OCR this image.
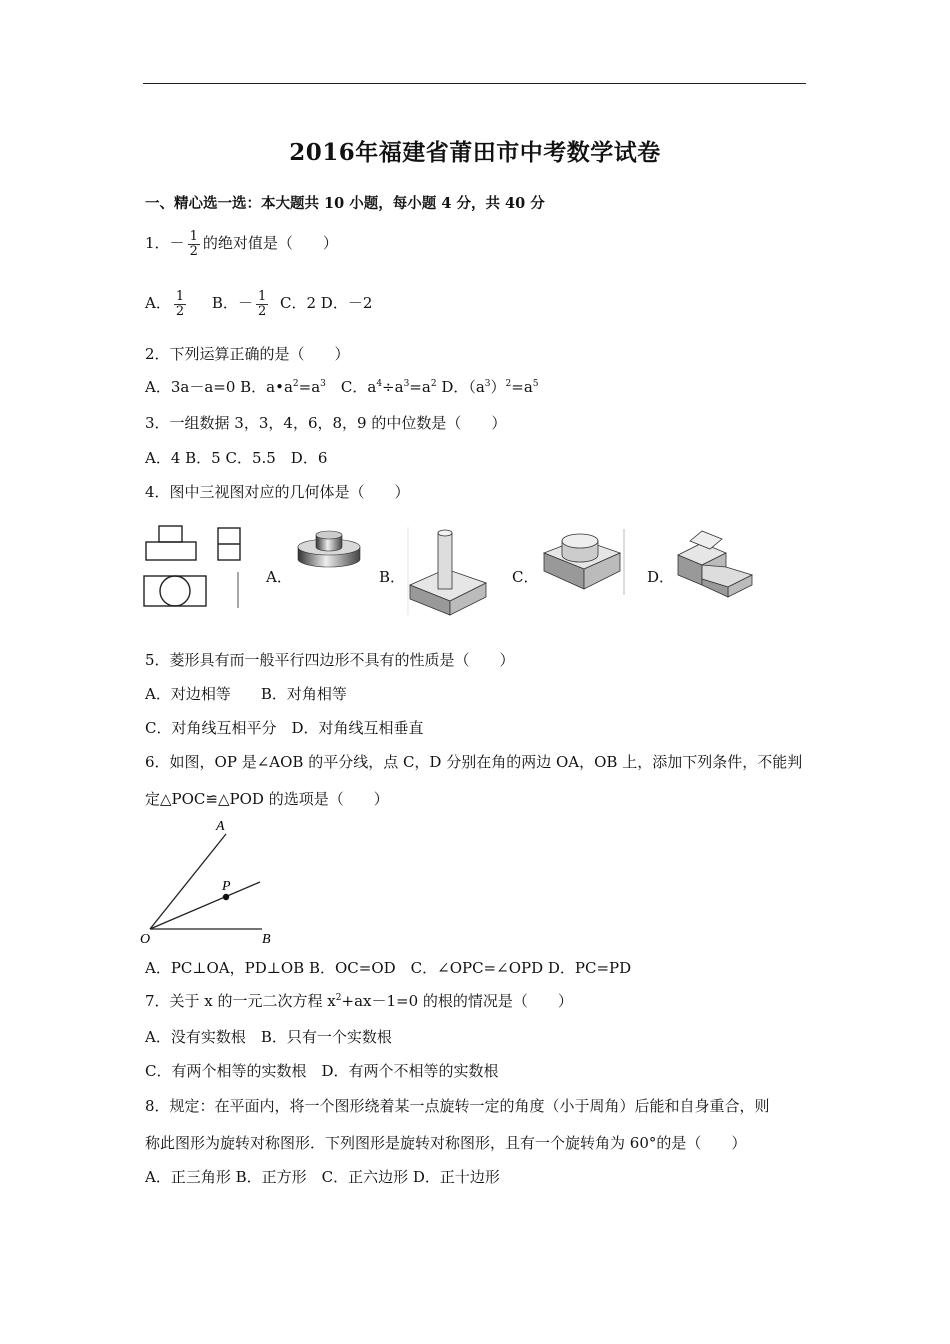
2016年福建省莆田市中考数学试卷
一、精心选一选：本大题共 10 小题，每小题 4 分，共 40 分
1．－ $\frac{1}{2}$ 的绝对值是（　　）
A． $\frac{1}{2}$ B．－ $\frac{1}{2}$ C．2 D．－2
2．下列运算正确的是（　　）
A．3a－a=0 B．$a•a^2=a^3$　C．$a^4\div a^3=a^2$ D．$(a^3)^2=a^5$
3．一组数据 3，3，4，6，8，9 的中位数是（　　）
A．4 B．5 C．5.5　D．6
4．图中三视图对应的几何体是（　　）
A．	B．	C．	D．
5．菱形具有而一般平行四边形不具有的性质是（　　）
A．对边相等　　B．对角相等
C．对角线互相平分　D．对角线互相垂直
6．如图，OP 是∠AOB 的平分线，点 C，D 分别在角的两边 OA，OB 上，添加下列条件，不能判
定△POC≌△POD 的选项是（　　）
A
P
O	B
A．PC⊥OA，PD⊥OB B．OC=OD　C．∠OPC=∠OPD D．PC=PD
7．关于 x 的一元二次方程 $x^2+ax-1=0$ 的根的情况是（　　）
A．没有实数根　B．只有一个实数根
C．有两个相等的实数根　D．有两个不相等的实数根
8．规定：在平面内，将一个图形绕着某一点旋转一定的角度（小于周角）后能和自身重合，则
称此图形为旋转对称图形．下列图形是旋转对称图形，且有一个旋转角为 60°的是（　　）
A．正三角形 B．正方形　C．正六边形 D．正十边形
